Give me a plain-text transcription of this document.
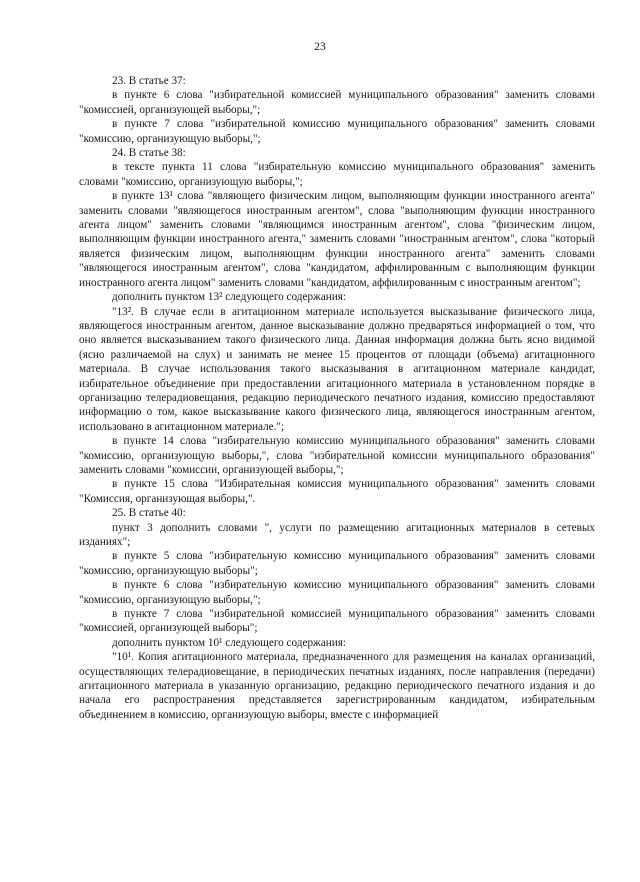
23

23. В статье 37:

в пункте 6 слова "избирательной комиссией муниципального образования" заменить словами "комиссией, организующей выборы,";

в пункте 7 слова "избирательной комиссию муниципального образования" заменить словами "комиссию, организующую выборы,";

24. В статье 38:

в тексте пункта 11 слова "избирательную комиссию муниципального образования" заменить словами "комиссию, организующую выборы,";

в пункте 13¹ слова "являющего физическим лицом, выполняющим функции иностранного агента" заменить словами "являющегося иностранным агентом", слова "выполняющим функции иностранного агента лицом" заменить словами "являющимся иностранным агентом", слова "физическим лицом, выполняющим функции иностранного агента," заменить словами "иностранным агентом", слова "который является физическим лицом, выполняющим функции иностранного агента" заменить словами "являющегося иностранным агентом", слова "кандидатом, аффилированным с выполняющим функции иностранного агента лицом" заменить словами "кандидатом, аффилированным с иностранным агентом";

дополнить пунктом 13² следующего содержания:

"13². В случае если в агитационном материале используется высказывание физического лица, являющегося иностранным агентом, данное высказывание должно предваряться информацией о том, что оно является высказыванием такого физического лица. Данная информация должна быть ясно видимой (ясно различаемой на слух) и занимать не менее 15 процентов от площади (объема) агитационного материала. В случае использования такого высказывания в агитационном материале кандидат, избирательное объединение при предоставлении агитационного материала в установленном порядке в организацию телерадиовещания, редакцию периодического печатного издания, комиссию предоставляют информацию о том, какое высказывание какого физического лица, являющегося иностранным агентом, использовано в агитационном материале.";

в пункте 14 слова "избирательную комиссию муниципального образования" заменить словами "комиссию, организующую выборы,", слова "избирательной комиссии муниципального образования" заменить словами "комиссии, организующей выборы,";

в пункте 15 слова "Избирательная комиссия муниципального образования" заменить словами "Комиссия, организующая выборы,".

25. В статье 40:

пункт 3 дополнить словами ", услуги по размещению агитационных материалов в сетевых изданиях";

в пункте 5 слова "избирательную комиссию муниципального образования" заменить словами "комиссию, организующую выборы";

в пункте 6 слова "избирательную комиссию муниципального образования" заменить словами "комиссию, организующую выборы,";

в пункте 7 слова "избирательной комиссией муниципального образования" заменить словами "комиссией, организующей выборы";

дополнить пунктом 10¹ следующего содержания:

"10¹. Копия агитационного материала, предназначенного для размещения на каналах организаций, осуществляющих телерадиовещание, в периодических печатных изданиях, после направления (передачи) агитационного материала в указанную организацию, редакцию периодического печатного издания и до начала его распространения представляется зарегистрированным кандидатом, избирательным объединением в комиссию, организующую выборы, вместе с информацией
